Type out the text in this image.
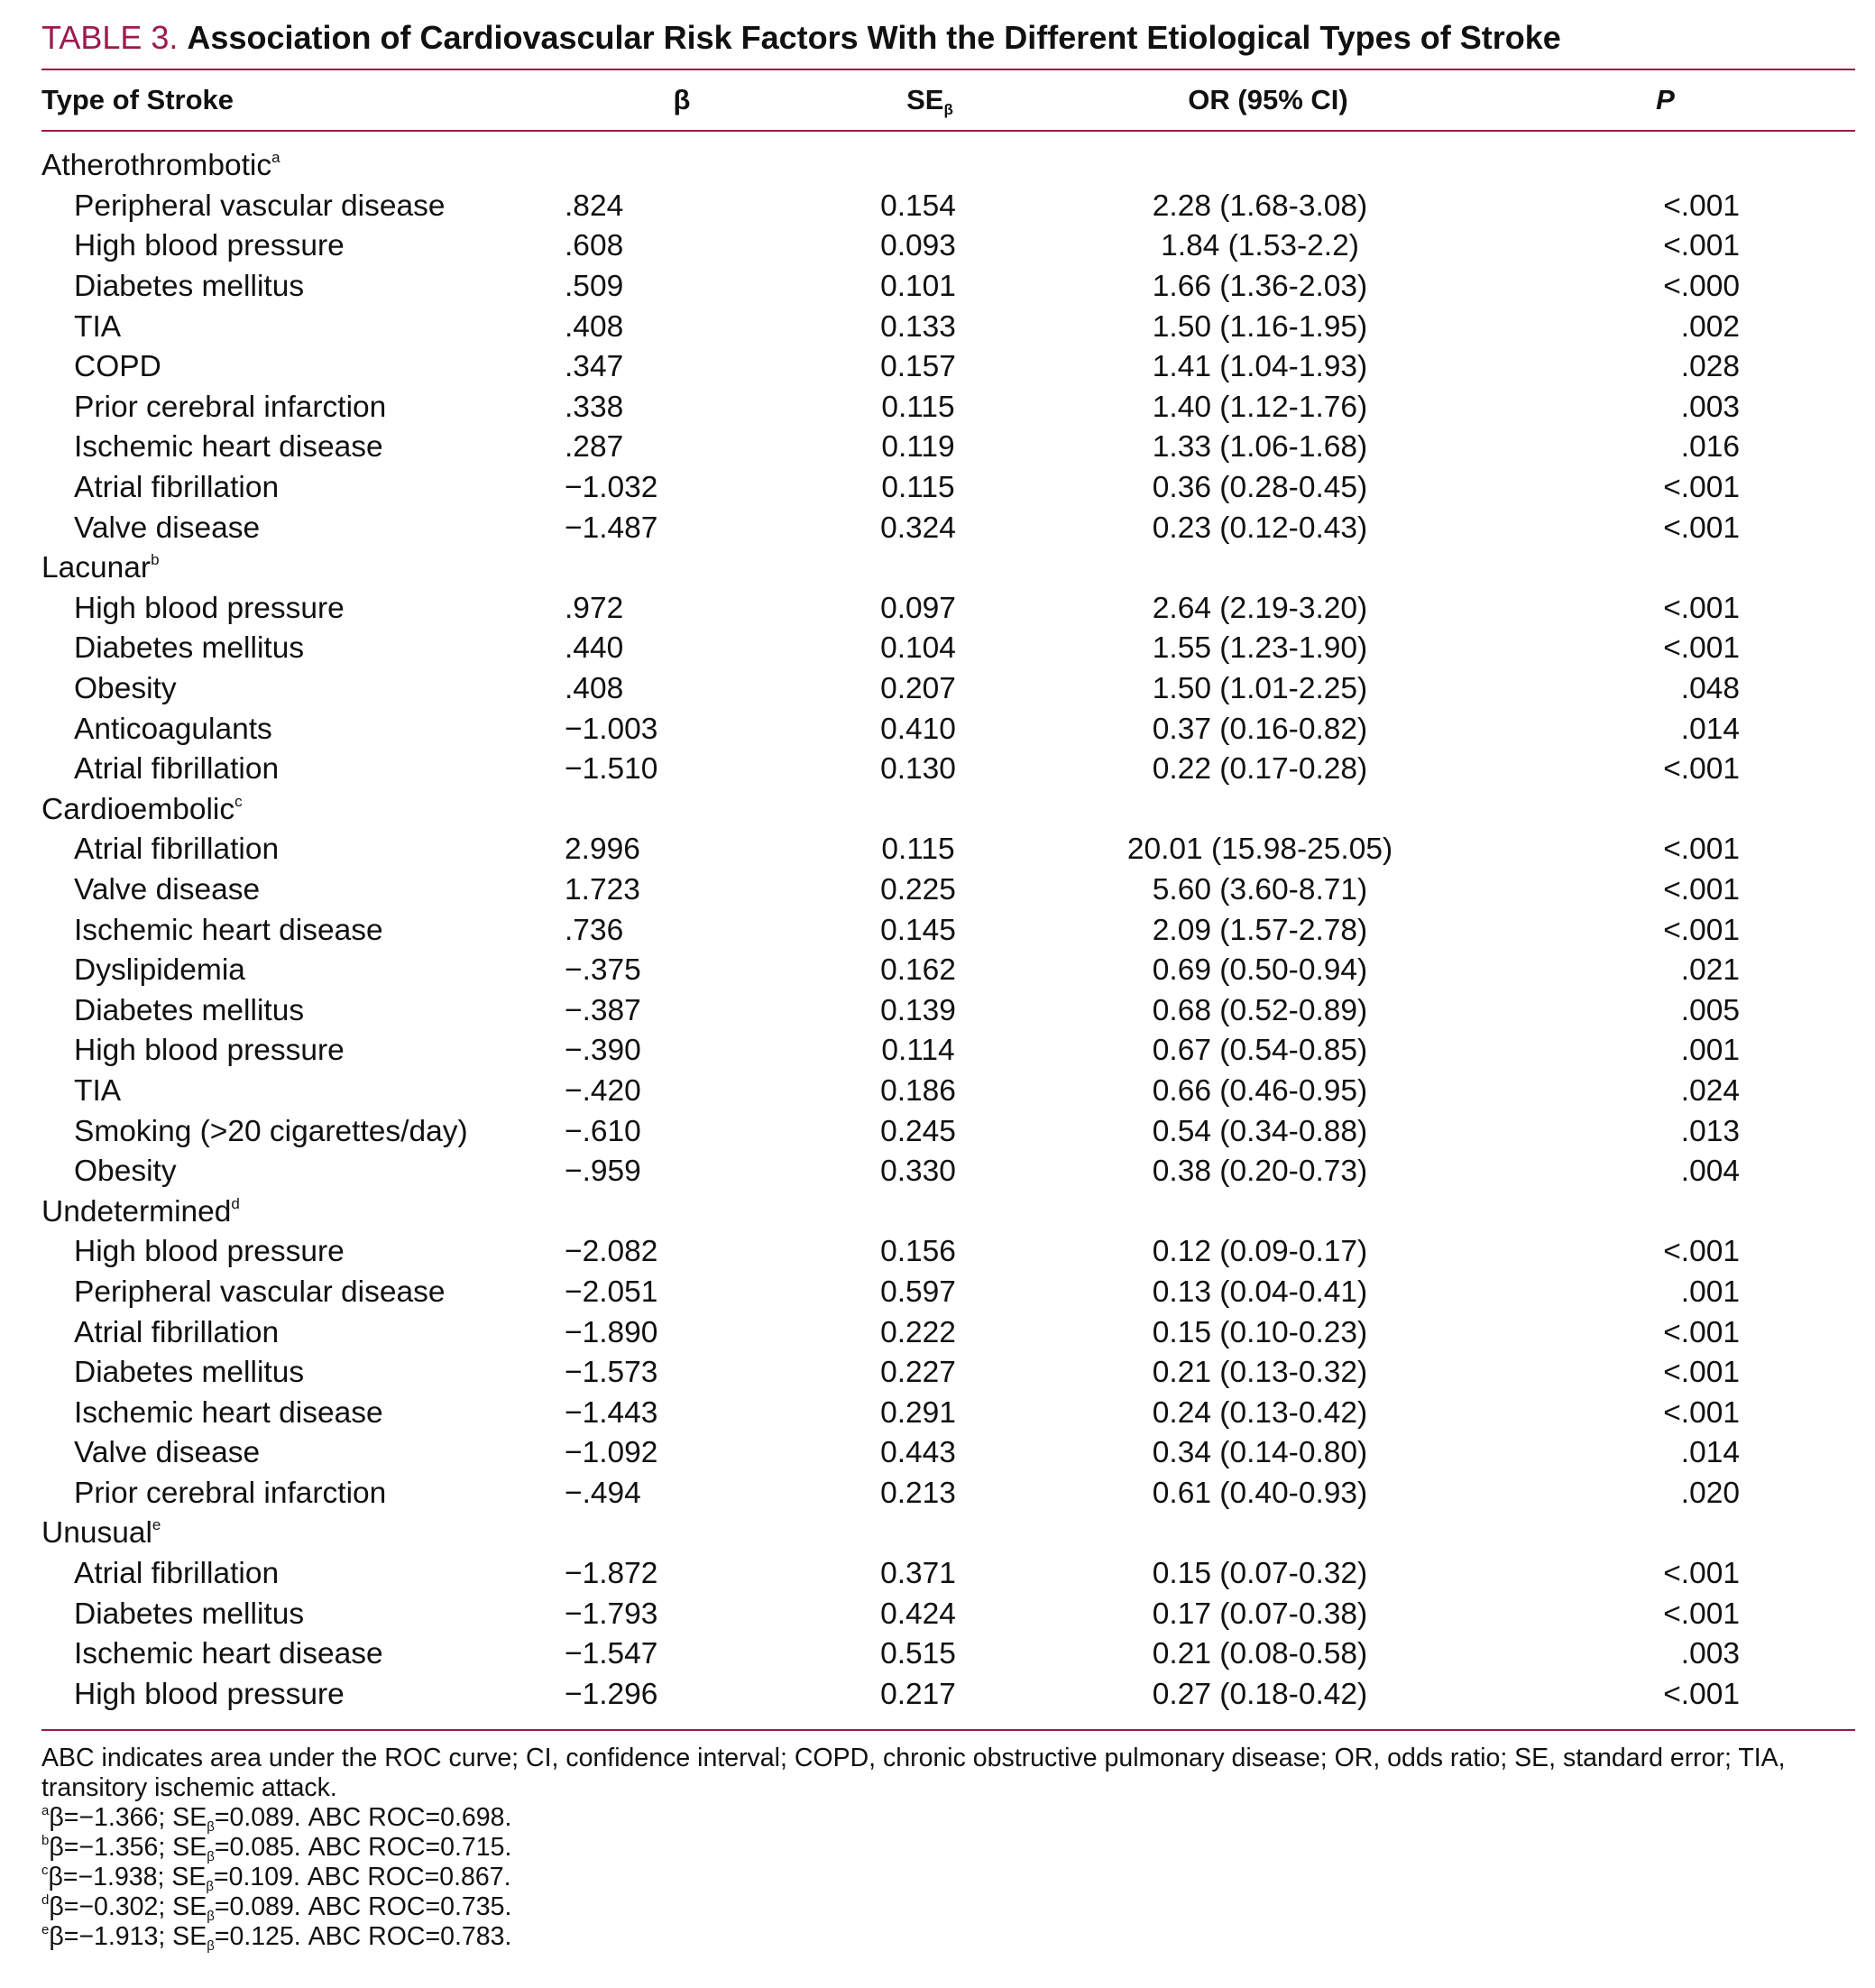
TABLE 3. Association of Cardiovascular Risk Factors With the Different Etiological Types of Stroke
Type of Stroke	β	$SE_\beta$	OR (95% CI)	P

Atherothrombotic$^a$
Peripheral vascular disease	.824	0.154	2.28 (1.68-3.08)	<.001
High blood pressure	.608	0.093	1.84 (1.53-2.2)	<.001
Diabetes mellitus	.509	0.101	1.66 (1.36-2.03)	<.000
TIA	.408	0.133	1.50 (1.16-1.95)	.002
COPD	.347	0.157	1.41 (1.04-1.93)	.028
Prior cerebral infarction	.338	0.115	1.40 (1.12-1.76)	.003
Ischemic heart disease	.287	0.119	1.33 (1.06-1.68)	.016
Atrial fibrillation	−1.032	0.115	0.36 (0.28-0.45)	<.001
Valve disease	−1.487	0.324	0.23 (0.12-0.43)	<.001
Lacunar$^b$
High blood pressure	.972	0.097	2.64 (2.19-3.20)	<.001
Diabetes mellitus	.440	0.104	1.55 (1.23-1.90)	<.001
Obesity	.408	0.207	1.50 (1.01-2.25)	.048
Anticoagulants	−1.003	0.410	0.37 (0.16-0.82)	.014
Atrial fibrillation	−1.510	0.130	0.22 (0.17-0.28)	<.001
Cardioembolic$^c$
Atrial fibrillation	2.996	0.115	20.01 (15.98-25.05)	<.001
Valve disease	1.723	0.225	5.60 (3.60-8.71)	<.001
Ischemic heart disease	.736	0.145	2.09 (1.57-2.78)	<.001
Dyslipidemia	−.375	0.162	0.69 (0.50-0.94)	.021
Diabetes mellitus	−.387	0.139	0.68 (0.52-0.89)	.005
High blood pressure	−.390	0.114	0.67 (0.54-0.85)	.001
TIA	−.420	0.186	0.66 (0.46-0.95)	.024
Smoking (>20 cigarettes/day)	−.610	0.245	0.54 (0.34-0.88)	.013
Obesity	−.959	0.330	0.38 (0.20-0.73)	.004
Undetermined$^d$
High blood pressure	−2.082	0.156	0.12 (0.09-0.17)	<.001
Peripheral vascular disease	−2.051	0.597	0.13 (0.04-0.41)	.001
Atrial fibrillation	−1.890	0.222	0.15 (0.10-0.23)	<.001
Diabetes mellitus	−1.573	0.227	0.21 (0.13-0.32)	<.001
Ischemic heart disease	−1.443	0.291	0.24 (0.13-0.42)	<.001
Valve disease	−1.092	0.443	0.34 (0.14-0.80)	.014
Prior cerebral infarction	−.494	0.213	0.61 (0.40-0.93)	.020
Unusual$^e$
Atrial fibrillation	−1.872	0.371	0.15 (0.07-0.32)	<.001
Diabetes mellitus	−1.793	0.424	0.17 (0.07-0.38)	<.001
Ischemic heart disease	−1.547	0.515	0.21 (0.08-0.58)	.003
High blood pressure	−1.296	0.217	0.27 (0.18-0.42)	<.001

ABC indicates area under the ROC curve; CI, confidence interval; COPD, chronic obstructive pulmonary disease; OR, odds ratio; SE, standard error; TIA, transitory ischemic attack.
$^a$β=−1.366; $SE_\beta=0.089$. ABC ROC=0.698.
$^b$β=−1.356; $SE_\beta=0.085$. ABC ROC=0.715.
$^c$β=−1.938; $SE_\beta=0.109$. ABC ROC=0.867.
$^d$β=−0.302; $SE_\beta=0.089$. ABC ROC=0.735.
$^e$β=−1.913; $SE_\beta=0.125$. ABC ROC=0.783.
